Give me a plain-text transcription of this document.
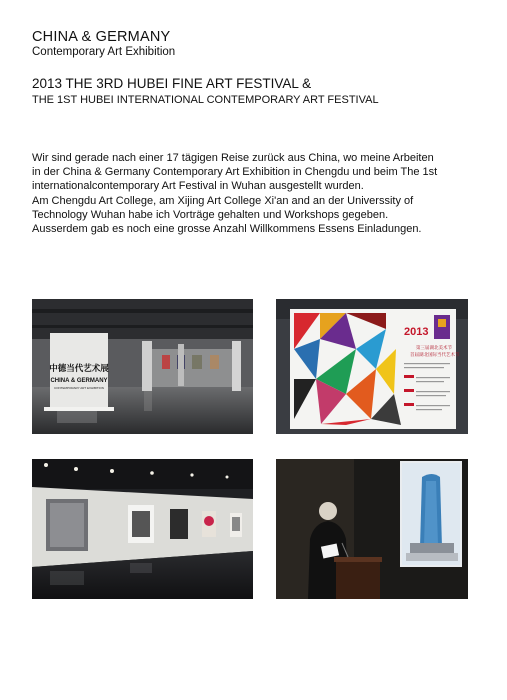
CHINA & GERMANY
Contemporary Art Exhibition
2013 THE 3RD HUBEI FINE ART FESTIVAL &
THE 1ST HUBEI INTERNATIONAL CONTEMPORARY ART FESTIVAL
Wir sind gerade nach einer 17 tägigen Reise zurück aus China, wo meine Arbeiten
in der China & Germany Contemporary Art Exhibition in Chengdu und beim The 1st
internationalcontemporary Art Festival in Wuhan ausgestellt wurden.
Am Chengdu Art College, am Xijing Art College Xi'an and an der Universsity of
Technology Wuhan habe ich Vorträge gehalten und Workshops gegeben.
Ausserdem gab es noch eine grosse Anzahl Willkommens Essens Einladungen.
中德当代艺术展
CHINA & GERMANY
CONTEMPORARY ART EXHIBITION
2013
第三届湖北美术节
首届湖北国际当代艺术节
